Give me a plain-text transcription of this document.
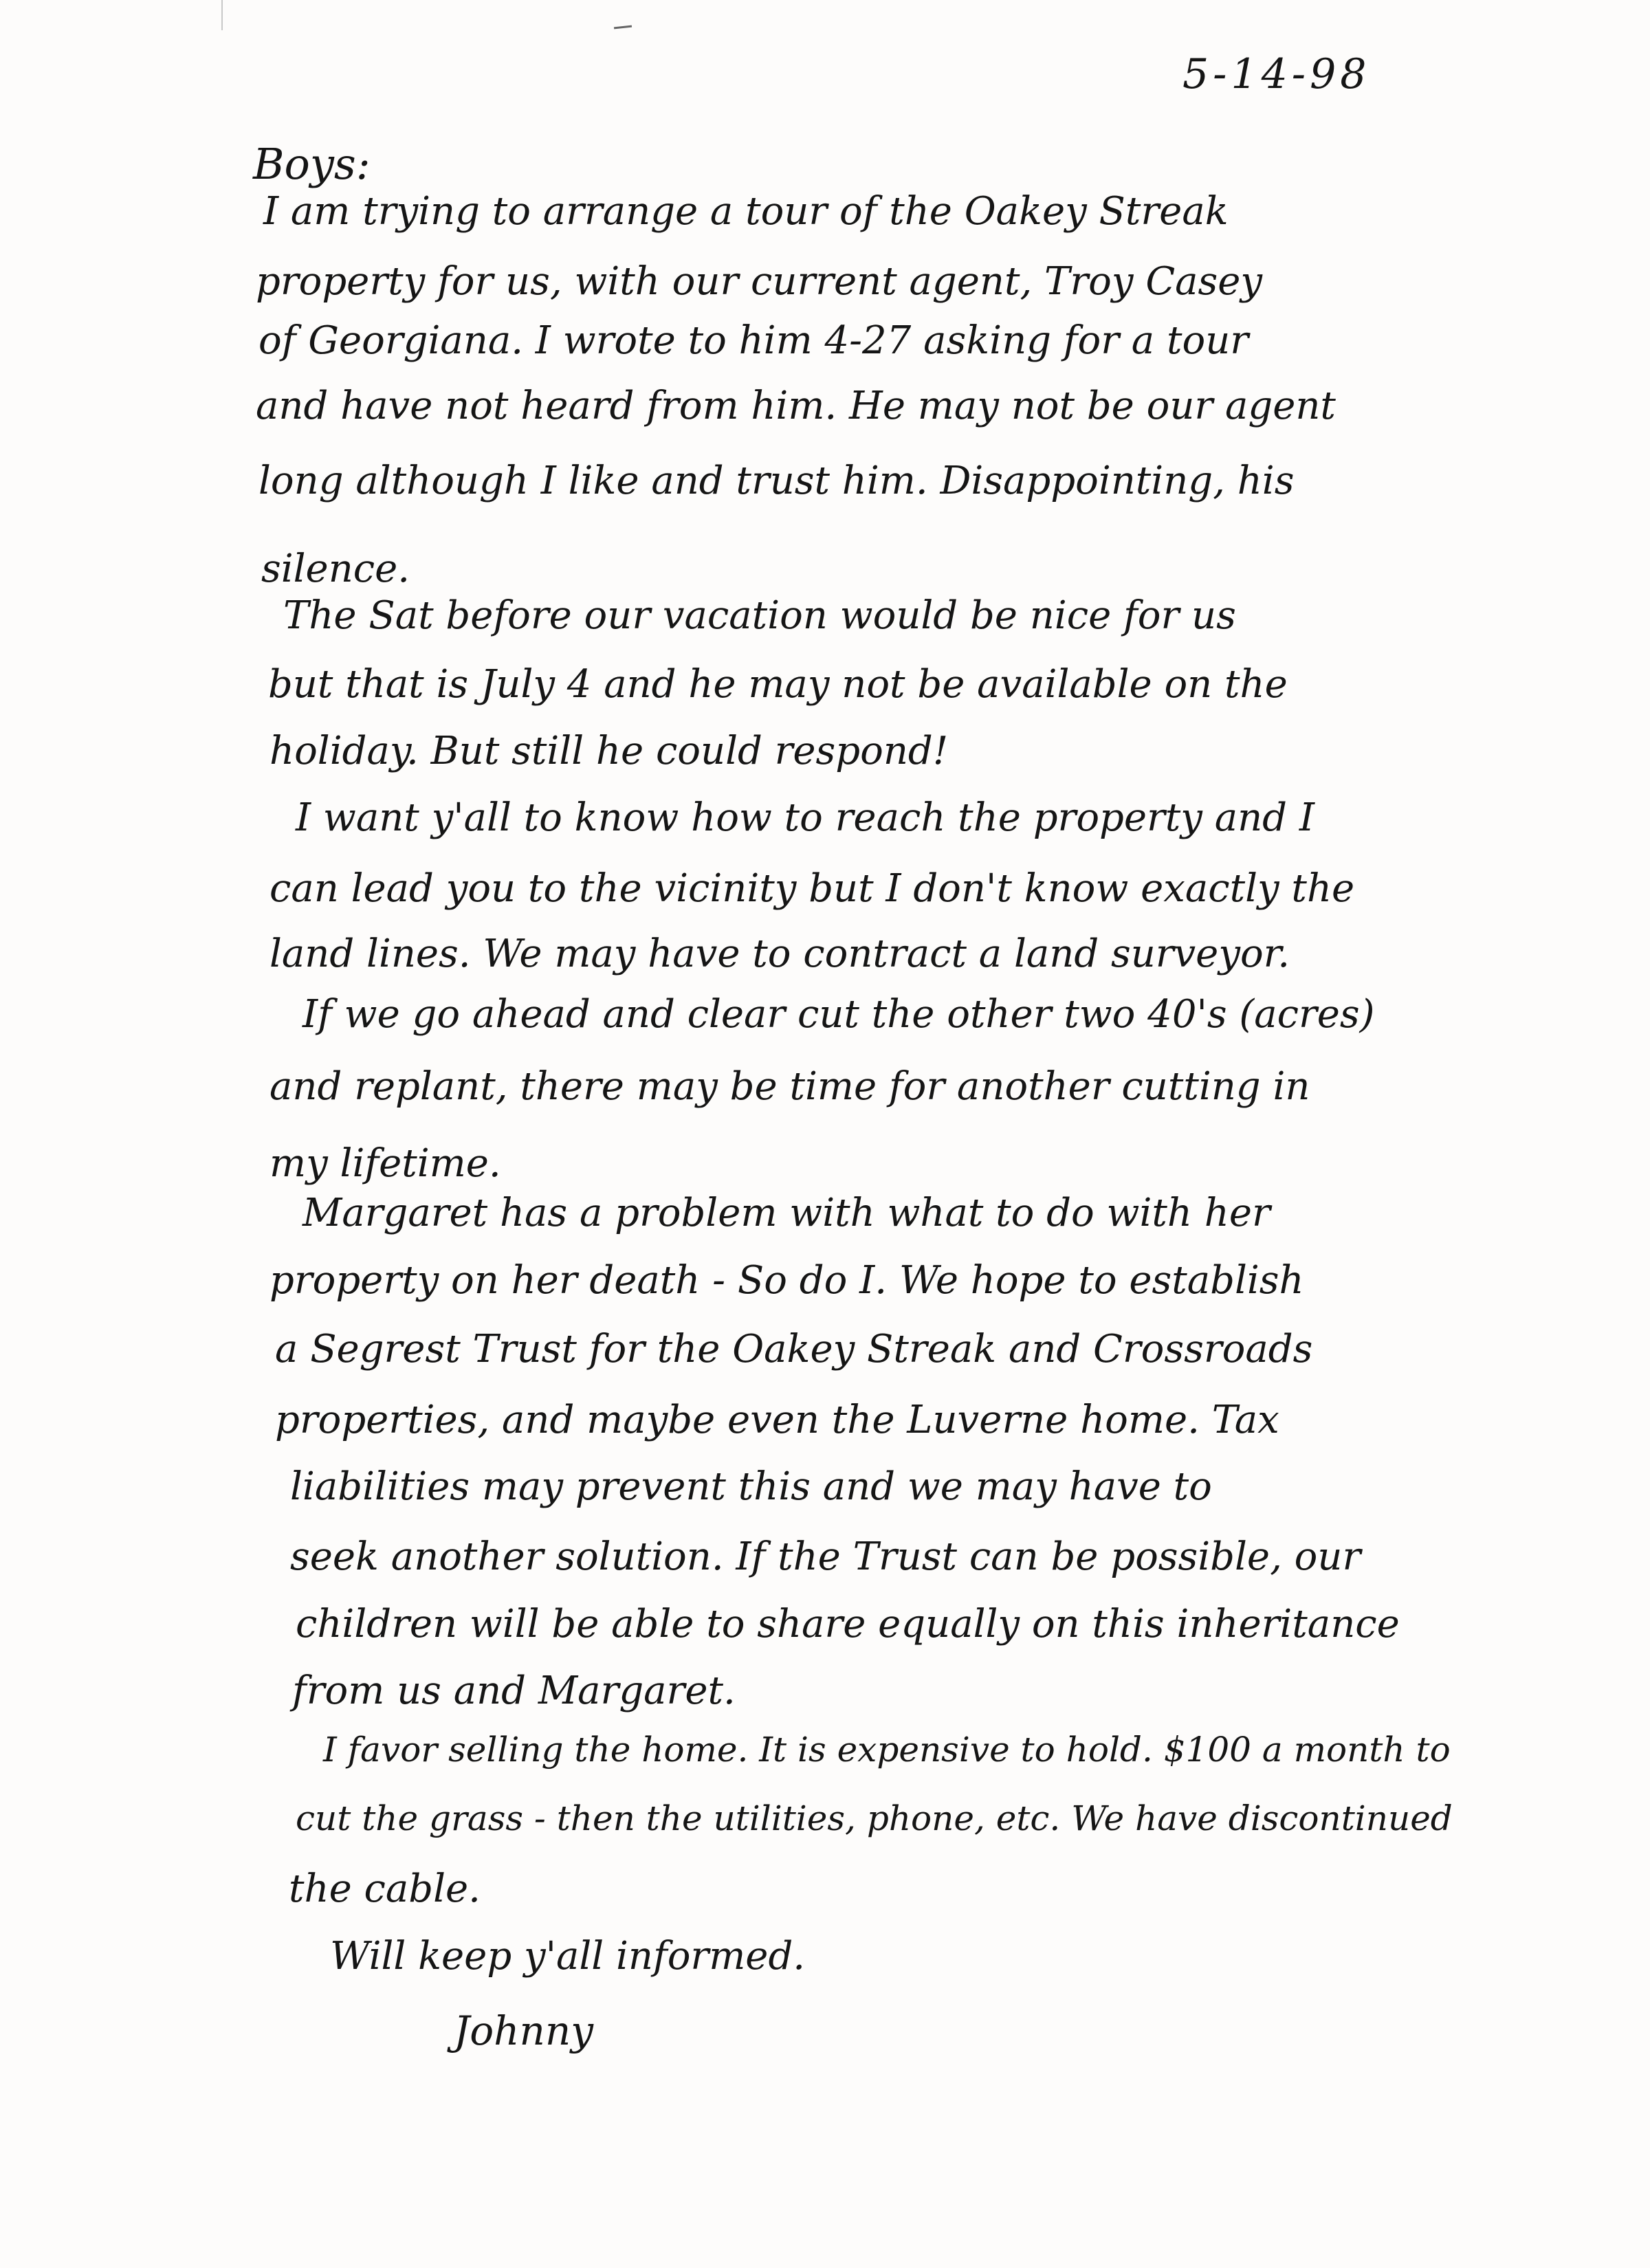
5-14-98
Boys:
I am trying to arrange a tour of the Oakey Streak
property for us, with our current agent, Troy Casey
of Georgiana. I wrote to him 4-27 asking for a tour
and have not heard from him. He may not be our agent
long although I like and trust him. Disappointing, his
silence.
The Sat before our vacation would be nice for us
but that is July 4 and he may not be available on the
holiday. But still he could respond!
I want y'all to know how to reach the property and I
can lead you to the vicinity but I don't know exactly the
land lines. We may have to contract a land surveyor.
If we go ahead and clear cut the other two 40's (acres)
and replant, there may be time for another cutting in
my lifetime.
Margaret has a problem with what to do with her
property on her death - So do I. We hope to establish
a Segrest Trust for the Oakey Streak and Crossroads
properties, and maybe even the Luverne home. Tax
liabilities may prevent this and we may have to
seek another solution. If the Trust can be possible, our
children will be able to share equally on this inheritance
from us and Margaret.
I favor selling the home. It is expensive to hold. $100 a month to
cut the grass - then the utilities, phone, etc. We have discontinued
the cable.
Will keep y'all informed.
Johnny
